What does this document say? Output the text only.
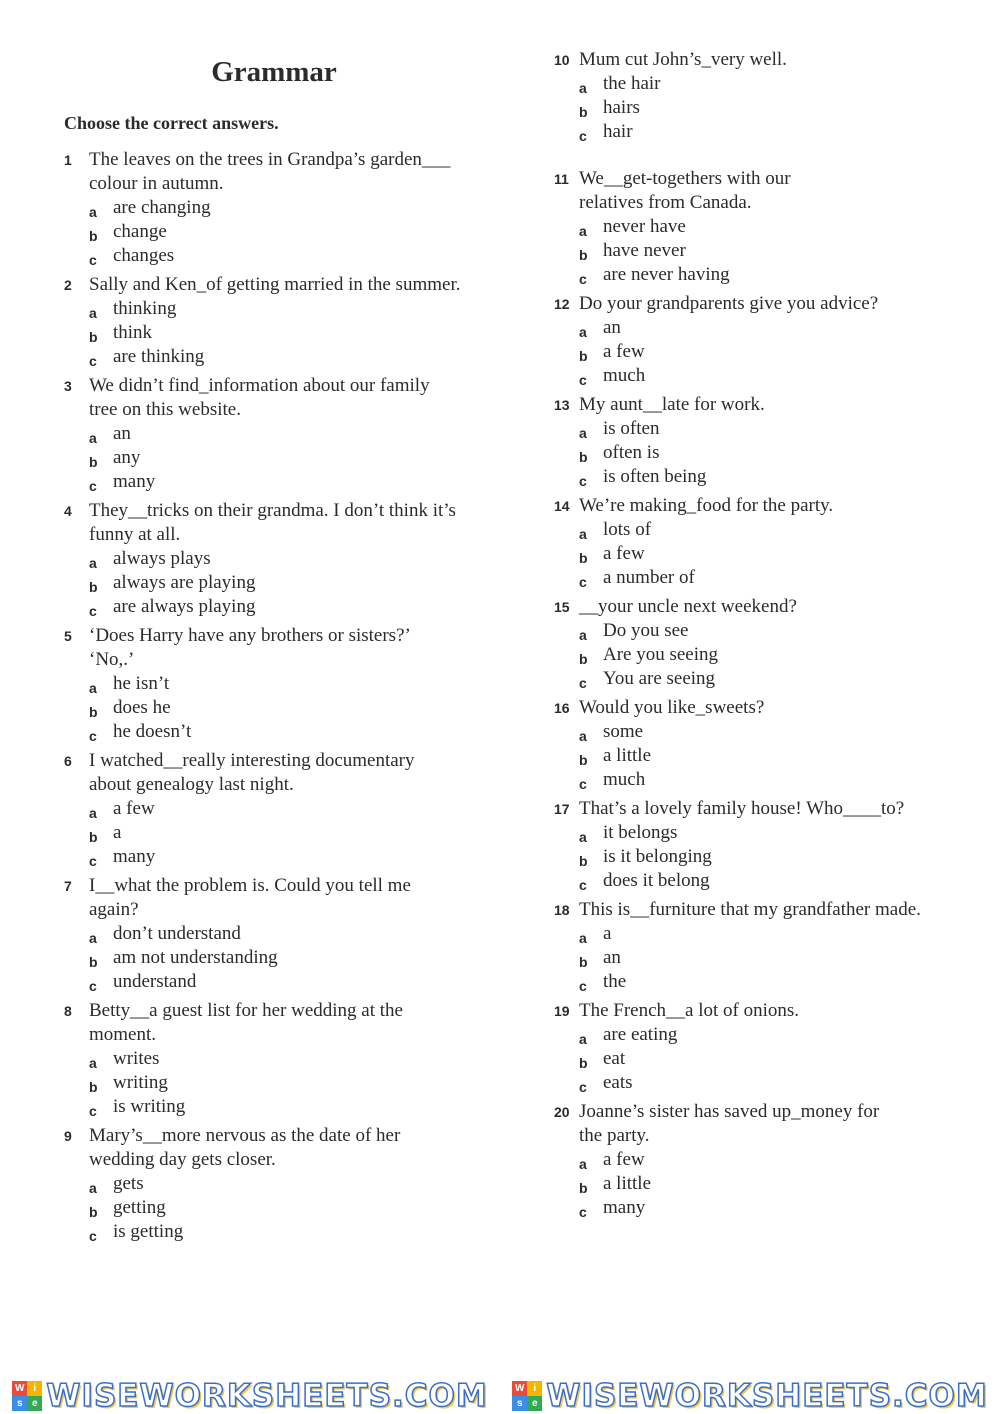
Grammar
Choose the correct answers.
1 The leaves on the trees in Grandpa’s garden___
colour in autumn.
a are changing
b change
c changes
2 Sally and Ken_of getting married in the summer.
a thinking
b think
c are thinking
3 We didn’t find_information about our family
tree on this website.
a an
b any
c many
4 They__tricks on their grandma. I don’t think it’s
funny at all.
a always plays
b always are playing
c are always playing
5 ‘Does Harry have any brothers or sisters?’
‘No,.’
a he isn’t
b does he
c he doesn’t
6 I watched__really interesting documentary
about genealogy last night.
a a few
b a
c many
7 I__what the problem is. Could you tell me
again?
a don’t understand
b am not understanding
c understand
8 Betty__a guest list for her wedding at the
moment.
a writes
b writing
c is writing
9 Mary’s__more nervous as the date of her
wedding day gets closer.
a gets
b getting
c is getting
10 Mum cut John’s_very well.
a the hair
b hairs
c hair
11 We__get-togethers with our
relatives from Canada.
a never have
b have never
c are never having
12 Do your grandparents give you advice?
a an
b a few
c much
13 My aunt__late for work.
a is often
b often is
c is often being
14 We’re making_food for the party.
a lots of
b a few
c a number of
15 __your uncle next weekend?
a Do you see
b Are you seeing
c You are seeing
16 Would you like_sweets?
a some
b a little
c much
17 That’s a lovely family house! Who____to?
a it belongs
b is it belonging
c does it belong
18 This is__furniture that my grandfather made.
a a
b an
c the
19 The French__a lot of onions.
a are eating
b eat
c eats
20 Joanne’s sister has saved up_money for
the party.
a a few
b a little
c many
W i
s e WISEWORKSHEETS.COM	W i
s e WISEWORKSHEETS.COM
